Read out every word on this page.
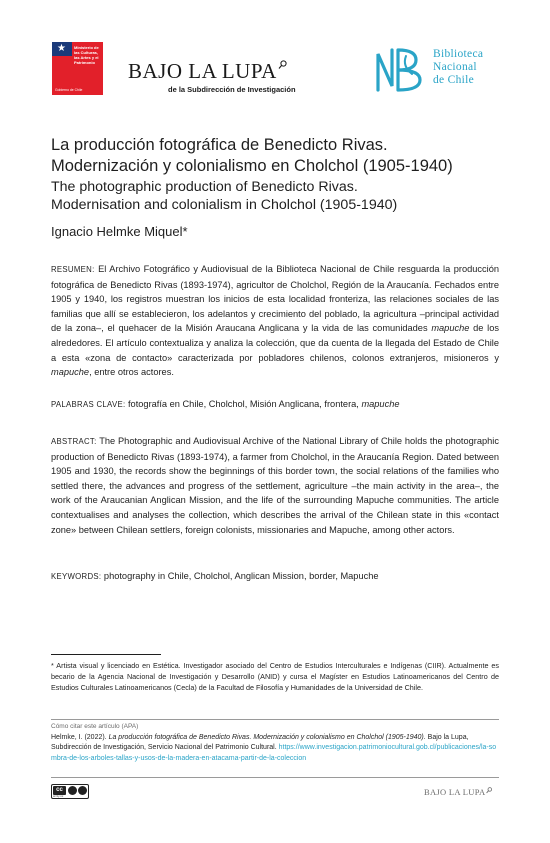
★ Ministerio de las Culturas, las Artes y el Patrimonio
Gobierno de Chile
BAJO LA LUPA
de la Subdirección de Investigación
Biblioteca
Nacional
de Chile
La producción fotográfica de Benedicto Rivas.
Modernización y colonialismo en Cholchol (1905-1940)
The photographic production of Benedicto Rivas.
Modernisation and colonialism in Cholchol (1905-1940)
Ignacio Helmke Miquel*
RESUMEN: El Archivo Fotográfico y Audiovisual de la Biblioteca Nacional de Chile resguarda la producción fotográfica de Benedicto Rivas (1893-1974), agricultor de Cholchol, Región de la Araucanía. Fechados entre 1905 y 1940, los registros muestran los inicios de esta localidad fronteriza, las relaciones sociales de las familias que allí se establecieron, los adelantos y crecimiento del poblado, la agricultura –principal actividad de la zona–, el quehacer de la Misión Araucana Anglicana y la vida de las comunidades mapuche de los alrededores. El artículo contextualiza y analiza la colección, que da cuenta de la llegada del Estado de Chile a esta «zona de contacto» caracterizada por pobladores chilenos, colonos extranjeros, misioneros y mapuche, entre otros actores.
PALABRAS CLAVE: fotografía en Chile, Cholchol, Misión Anglicana, frontera, mapuche
ABSTRACT: The Photographic and Audiovisual Archive of the National Library of Chile holds the photographic production of Benedicto Rivas (1893-1974), a farmer from Cholchol, in the Araucanía Region. Dated between 1905 and 1930, the records show the beginnings of this border town, the social relations of the families who settled there, the advances and progress of the settlement, agriculture –the main activity in the area–, the work of the Araucanian Anglican Mission, and the life of the surrounding Mapuche communities. The article contextualises and analyses the collection, which describes the arrival of the Chilean state in this «contact zone» between Chilean settlers, foreign colonists, missionaries and Mapuche, among other actors.
KEYWORDS: photography in Chile, Cholchol, Anglican Mission, border, Mapuche
* Artista visual y licenciado en Estética. Investigador asociado del Centro de Estudios Interculturales e Indígenas (CIIR). Actualmente es becario de la Agencia Nacional de Investigación y Desarrollo (ANID) y cursa el Magíster en Estudios Latinoamericanos del Centro de Estudios Culturales Latinoamericanos (Cecla) de la Facultad de Filosofía y Humanidades de la Universidad de Chile.
Cómo citar este artículo (APA)
Helmke, I. (2022). La producción fotográfica de Benedicto Rivas. Modernización y colonialismo en Cholchol (1905-1940). Bajo la Lupa, Subdirección de Investigación, Servicio Nacional del Patrimonio Cultural. https://www.investigacion.patrimoniocultural.gob.cl/publicaciones/la-sombra-de-los-arboles-tallas-y-usos-de-la-madera-en-atacama-partir-de-la-coleccion
cc
cc by nc	BAJO LA LUPA
